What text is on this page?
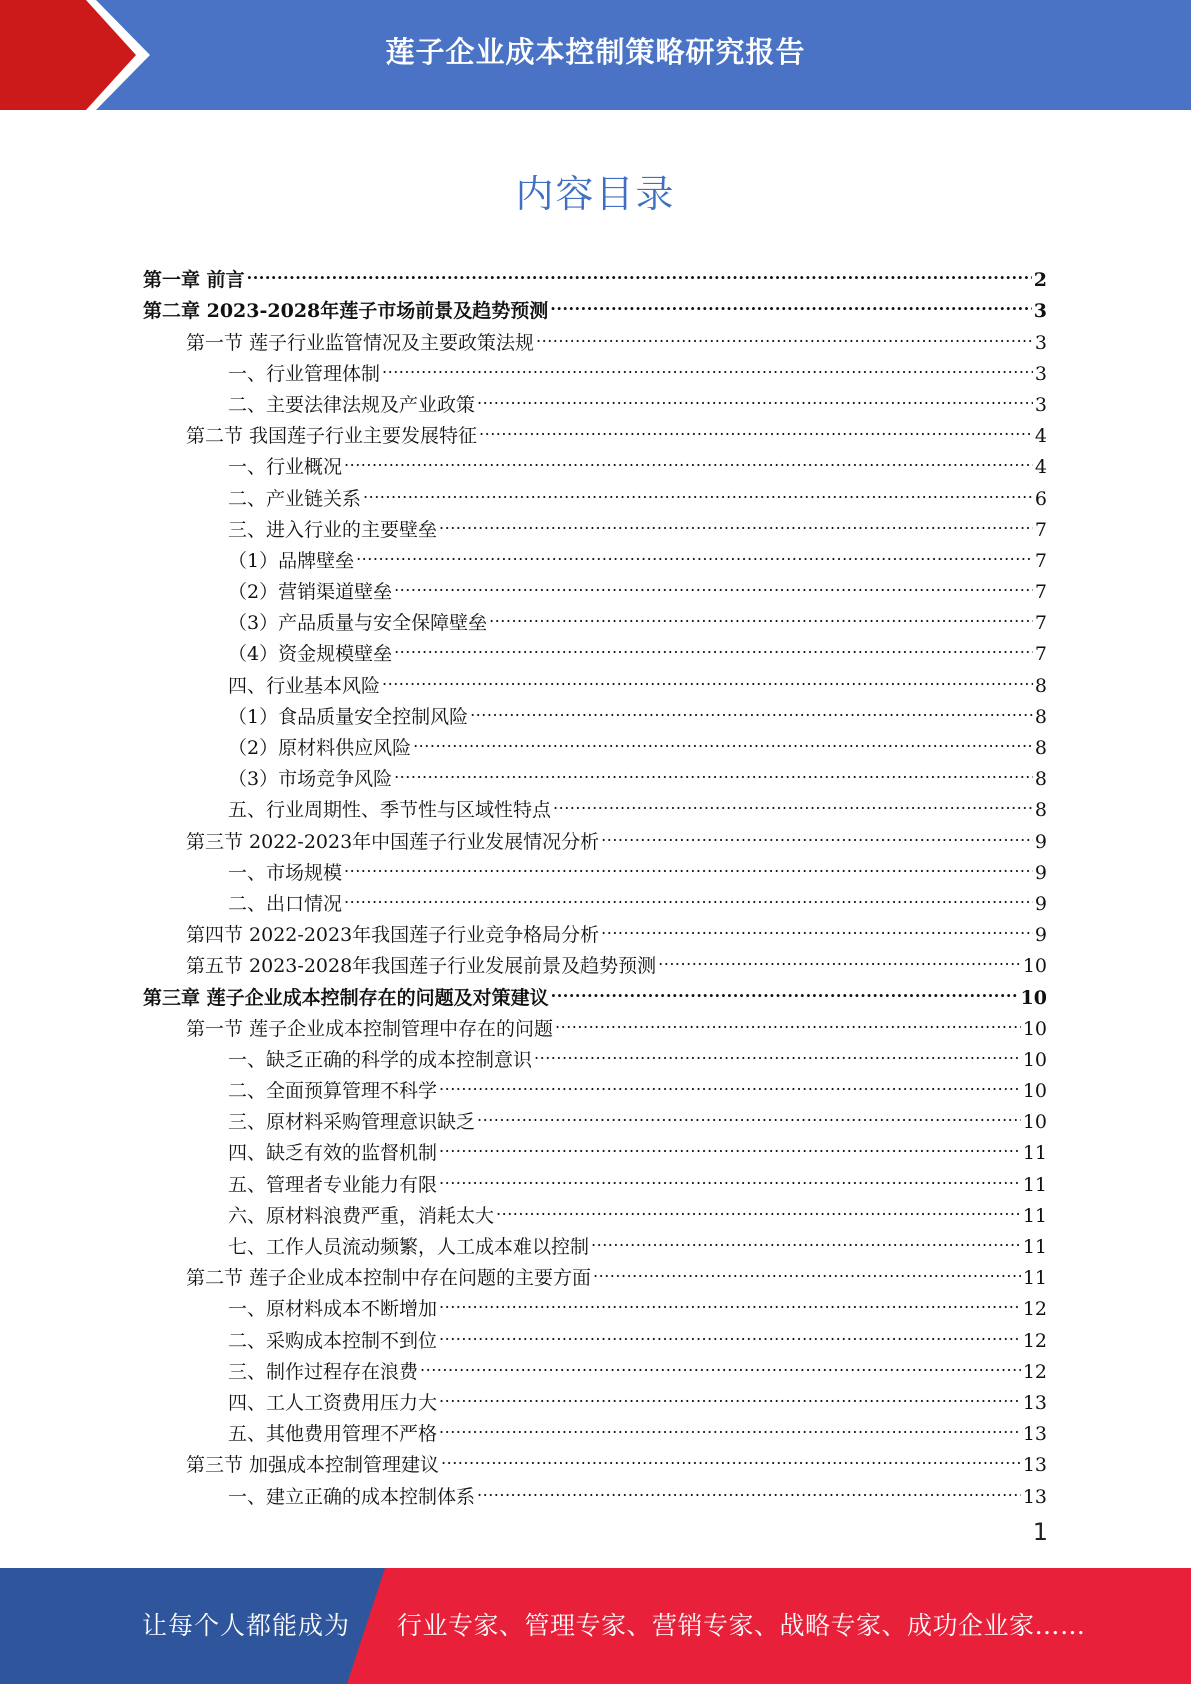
莲子企业成本控制策略研究报告
内容目录
第一章 前言 .....	2
第二章 2023-2028年莲子市场前景及趋势预测 .....	3
第一节 莲子行业监管情况及主要政策法规 .....	3
一、行业管理体制 .....	3
二、主要法律法规及产业政策 .....	3
第二节 我国莲子行业主要发展特征 .....	4
一、行业概况 .....	4
二、产业链关系 .....	6
三、进入行业的主要壁垒 .....	7
（1）品牌壁垒 .....	7
（2）营销渠道壁垒 .....	7
（3）产品质量与安全保障壁垒 .....	7
（4）资金规模壁垒 .....	7
四、行业基本风险 .....	8
（1）食品质量安全控制风险 .....	8
（2）原材料供应风险 .....	8
（3）市场竞争风险 .....	8
五、行业周期性、季节性与区域性特点 .....	8
第三节 2022-2023年中国莲子行业发展情况分析 .....	9
一、市场规模 .....	9
二、出口情况 .....	9
第四节 2022-2023年我国莲子行业竞争格局分析 .....	9
第五节 2023-2028年我国莲子行业发展前景及趋势预测 .....	10
第三章 莲子企业成本控制存在的问题及对策建议 .....	10
第一节 莲子企业成本控制管理中存在的问题 .....	10
一、缺乏正确的科学的成本控制意识 .....	10
二、全面预算管理不科学 .....	10
三、原材料采购管理意识缺乏 .....	10
四、缺乏有效的监督机制 .....	11
五、管理者专业能力有限 .....	11
六、原材料浪费严重，消耗太大 .....	11
七、工作人员流动频繁，人工成本难以控制 .....	11
第二节 莲子企业成本控制中存在问题的主要方面 .....	11
一、原材料成本不断增加 .....	12
二、采购成本控制不到位 .....	12
三、制作过程存在浪费 .....	12
四、工人工资费用压力大 .....	13
五、其他费用管理不严格 .....	13
第三节 加强成本控制管理建议 .....	13
一、建立正确的成本控制体系 .....	13
1
让每个人都能成为 行业专家、管理专家、营销专家、战略专家、成功企业家……
